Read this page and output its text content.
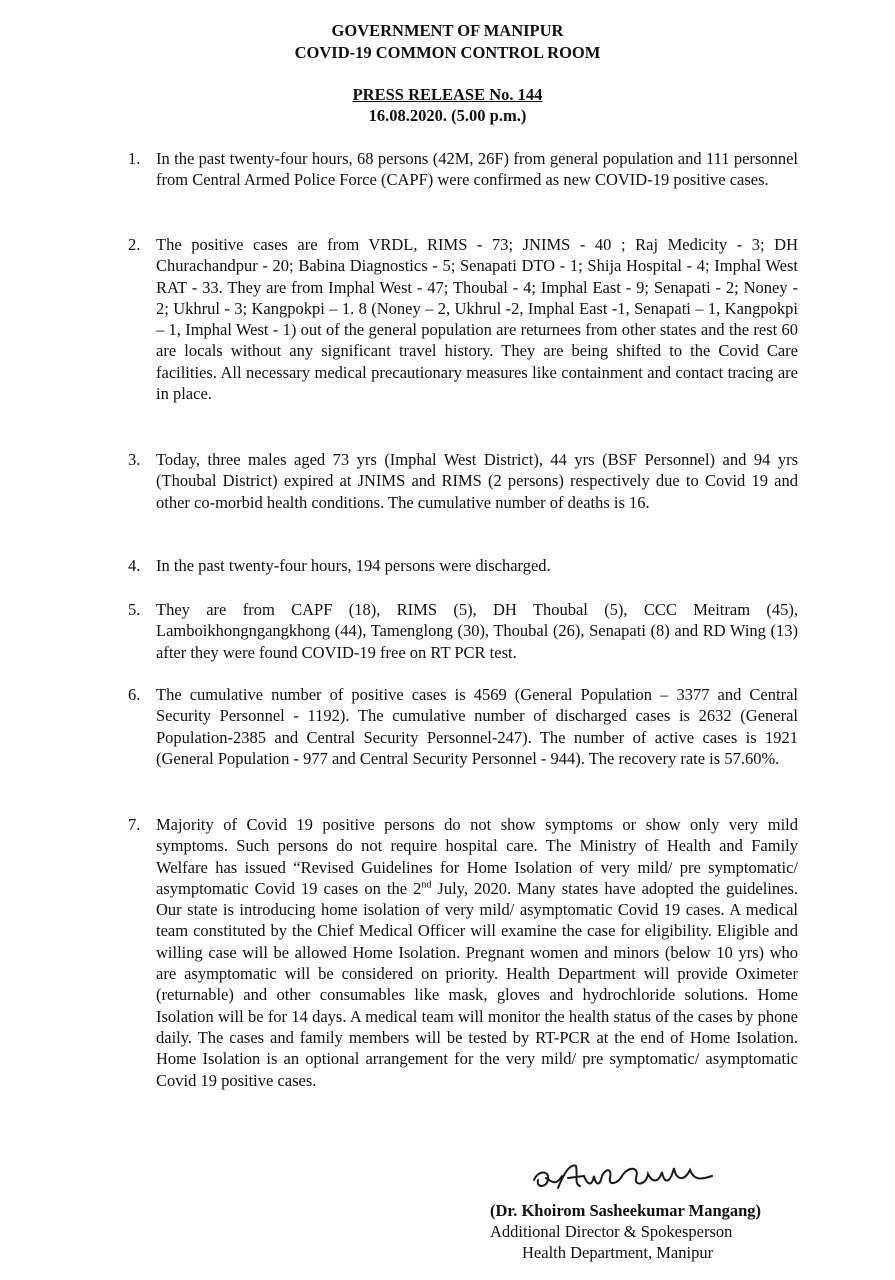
GOVERNMENT OF MANIPUR
COVID-19 COMMON CONTROL ROOM
PRESS RELEASE No. 144
16.08.2020. (5.00 p.m.)
1. In the past twenty-four hours, 68 persons (42M, 26F) from general population and 111 personnel from Central Armed Police Force (CAPF) were confirmed as new COVID-19 positive cases.
2. The positive cases are from VRDL, RIMS - 73; JNIMS - 40 ; Raj Medicity - 3; DH Churachandpur - 20; Babina Diagnostics - 5; Senapati DTO - 1; Shija Hospital - 4; Imphal West RAT - 33. They are from Imphal West - 47; Thoubal - 4; Imphal East - 9; Senapati - 2; Noney - 2; Ukhrul - 3; Kangpokpi – 1. 8 (Noney – 2, Ukhrul -2, Imphal East -1, Senapati – 1, Kangpokpi – 1, Imphal West - 1) out of the general population are returnees from other states and the rest 60 are locals without any significant travel history. They are being shifted to the Covid Care facilities. All necessary medical precautionary measures like containment and contact tracing are in place.
3. Today, three males aged 73 yrs (Imphal West District), 44 yrs (BSF Personnel) and 94 yrs (Thoubal District) expired at JNIMS and RIMS (2 persons) respectively due to Covid 19 and other co-morbid health conditions. The cumulative number of deaths is 16.
4. In the past twenty-four hours, 194 persons were discharged.
5. They are from CAPF (18), RIMS (5), DH Thoubal (5), CCC Meitram (45), Lamboikhongngangkhong (44), Tamenglong (30), Thoubal (26), Senapati (8) and RD Wing (13) after they were found COVID-19 free on RT PCR test.
6. The cumulative number of positive cases is 4569 (General Population – 3377 and Central Security Personnel - 1192). The cumulative number of discharged cases is 2632 (General Population-2385 and Central Security Personnel-247). The number of active cases is 1921 (General Population - 977 and Central Security Personnel - 944). The recovery rate is 57.60%.
7. Majority of Covid 19 positive persons do not show symptoms or show only very mild symptoms. Such persons do not require hospital care. The Ministry of Health and Family Welfare has issued “Revised Guidelines for Home Isolation of very mild/ pre symptomatic/ asymptomatic Covid 19 cases on the 2nd July, 2020. Many states have adopted the guidelines. Our state is introducing home isolation of very mild/ asymptomatic Covid 19 cases. A medical team constituted by the Chief Medical Officer will examine the case for eligibility. Eligible and willing case will be allowed Home Isolation. Pregnant women and minors (below 10 yrs) who are asymptomatic will be considered on priority. Health Department will provide Oximeter (returnable) and other consumables like mask, gloves and hydrochloride solutions. Home Isolation will be for 14 days. A medical team will monitor the health status of the cases by phone daily. The cases and family members will be tested by RT-PCR at the end of Home Isolation. Home Isolation is an optional arrangement for the very mild/ pre symptomatic/ asymptomatic Covid 19 positive cases.
(Dr. Khoirom Sasheekumar Mangang)
Additional Director & Spokesperson
Health Department, Manipur
